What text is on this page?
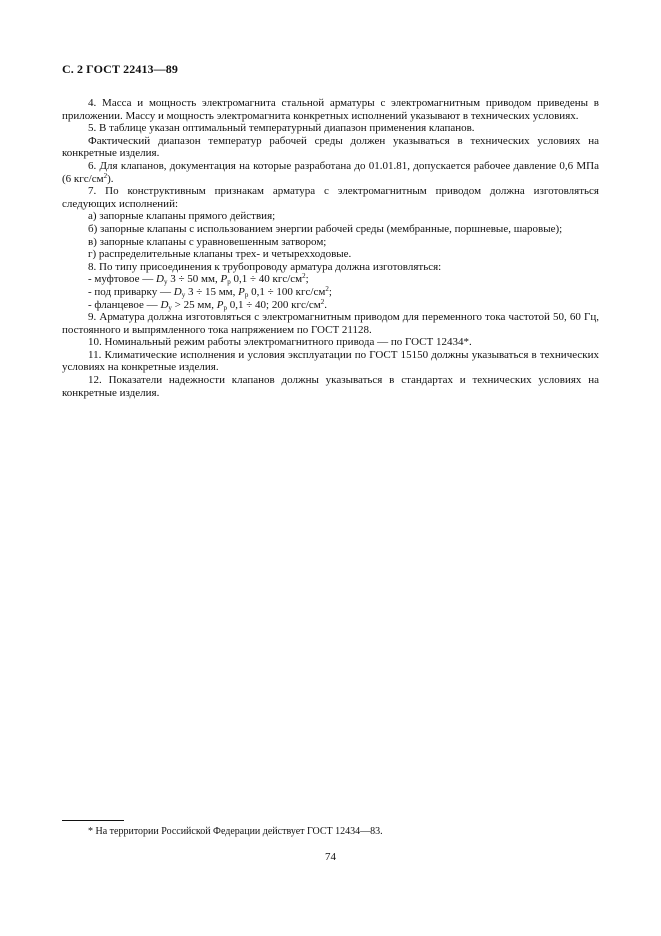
С. 2 ГОСТ 22413—89

4. Масса и мощность электромагнита стальной арматуры с электромагнитным приводом приведены в приложении. Массу и мощность электромагнита конкретных исполнений указывают в технических условиях.

5. В таблице указан оптимальный температурный диапазон применения клапанов.

Фактический диапазон температур рабочей среды должен указываться в технических условиях на конкретные изделия.

6. Для клапанов, документация на которые разработана до 01.01.81, допускается рабочее давление 0,6 МПа (6 кгс/$см^2$).

7. По конструктивным признакам арматура с электромагнитным приводом должна изготовляться следующих исполнений:

а) запорные клапаны прямого действия;

б) запорные клапаны с использованием энергии рабочей среды (мембранные, поршневые, шаровые);

в) запорные клапаны с уравновешенным затвором;

г) распределительные клапаны трех- и четырехходовые.

8. По типу присоединения к трубопроводу арматура должна изготовляться:

- муфтовое — $D_y$ 3 ÷ 50 мм, $P_p$ 0,1 ÷ 40 кгс/$см^2$;

- под приварку — $D_y$ 3 ÷ 15 мм, $P_p$ 0,1 ÷ 100 кгс/$см^2$;

- фланцевое — $D_y > 25$ мм, $P_p$ 0,1 ÷ 40; 200 кгс/$см^2$.

9. Арматура должна изготовляться с электромагнитным приводом для переменного тока частотой 50, 60 Гц, постоянного и выпрямленного тока напряжением по ГОСТ 21128.

10. Номинальный режим работы электромагнитного привода — по ГОСТ 12434*.

11. Климатические исполнения и условия эксплуатации по ГОСТ 15150 должны указываться в технических условиях на конкретные изделия.

12. Показатели надежности клапанов должны указываться в стандартах и технических условиях на конкретные изделия.

* На территории Российской Федерации действует ГОСТ 12434—83.
74
